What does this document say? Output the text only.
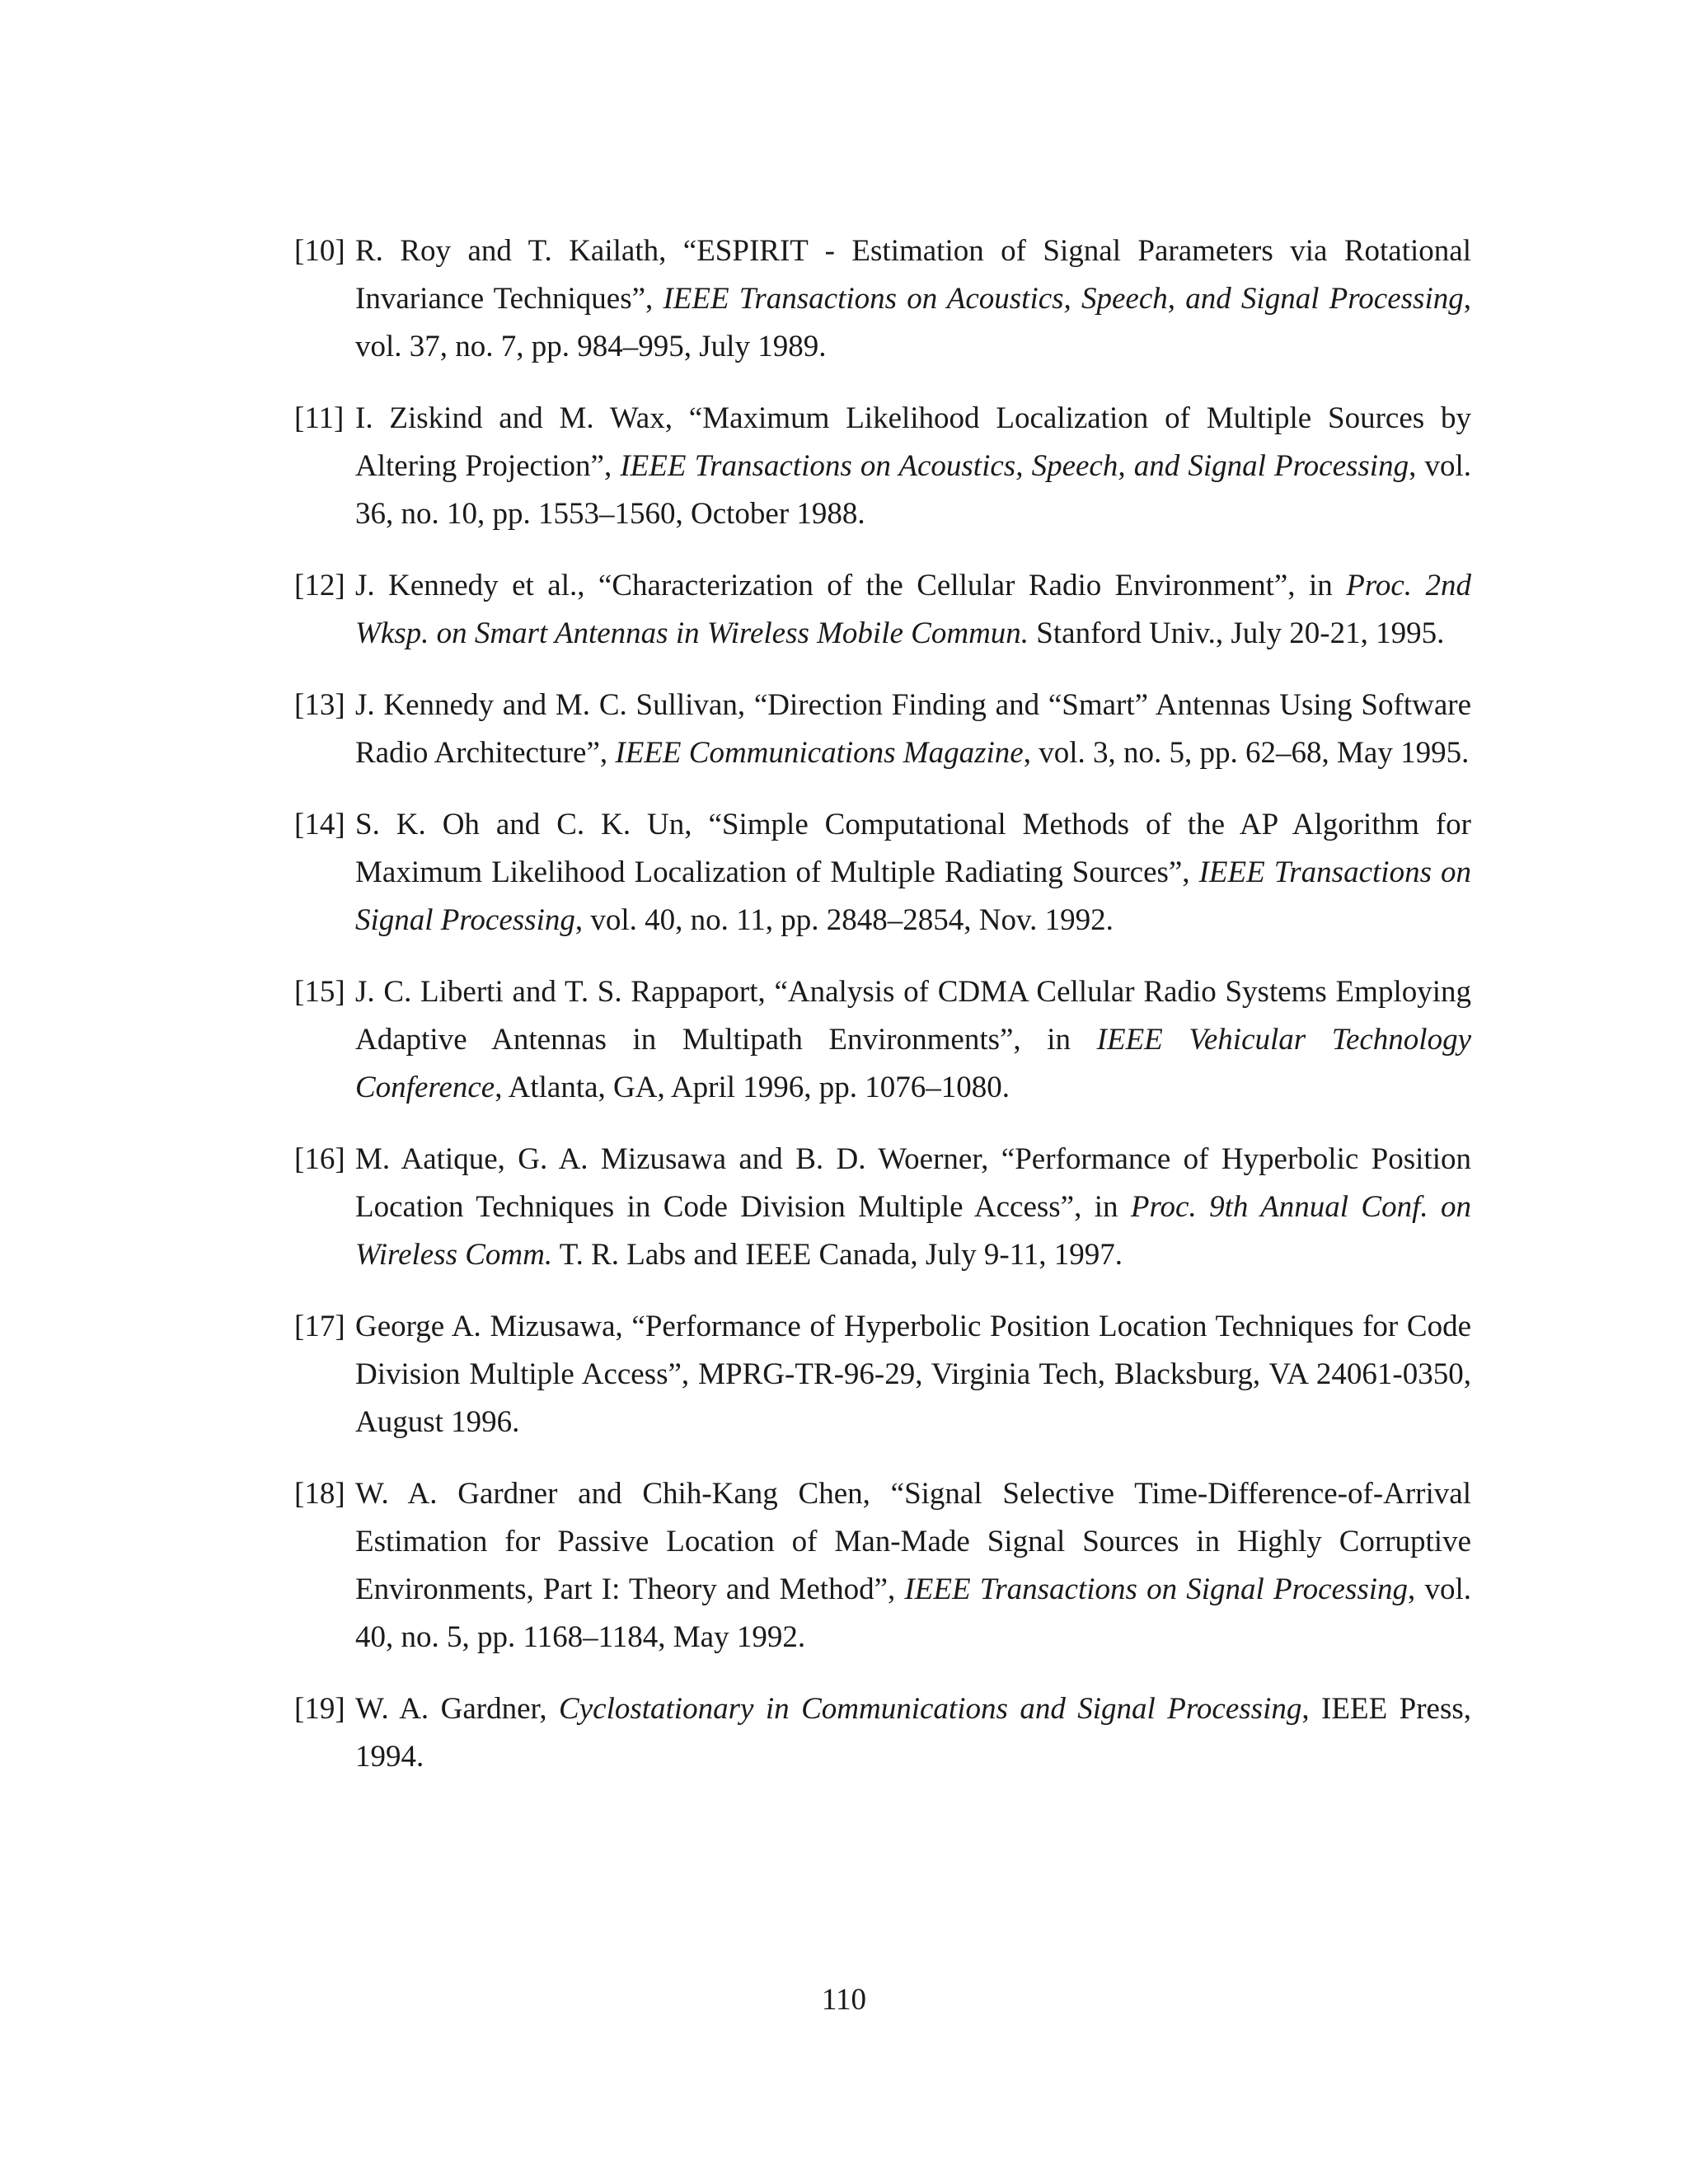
[10] R. Roy and T. Kailath, “ESPIRIT - Estimation of Signal Parameters via Rotational Invariance Techniques”, IEEE Transactions on Acoustics, Speech, and Signal Processing, vol. 37, no. 7, pp. 984–995, July 1989.
[11] I. Ziskind and M. Wax, “Maximum Likelihood Localization of Multiple Sources by Altering Projection”, IEEE Transactions on Acoustics, Speech, and Signal Processing, vol. 36, no. 10, pp. 1553–1560, October 1988.
[12] J. Kennedy et al., “Characterization of the Cellular Radio Environment”, in Proc. 2nd Wksp. on Smart Antennas in Wireless Mobile Commun. Stanford Univ., July 20-21, 1995.
[13] J. Kennedy and M. C. Sullivan, “Direction Finding and “Smart” Antennas Using Software Radio Architecture”, IEEE Communications Magazine, vol. 3, no. 5, pp. 62–68, May 1995.
[14] S. K. Oh and C. K. Un, “Simple Computational Methods of the AP Algorithm for Maximum Likelihood Localization of Multiple Radiating Sources”, IEEE Transactions on Signal Processing, vol. 40, no. 11, pp. 2848–2854, Nov. 1992.
[15] J. C. Liberti and T. S. Rappaport, “Analysis of CDMA Cellular Radio Systems Employing Adaptive Antennas in Multipath Environments”, in IEEE Vehicular Technology Conference, Atlanta, GA, April 1996, pp. 1076–1080.
[16] M. Aatique, G. A. Mizusawa and B. D. Woerner, “Performance of Hyperbolic Position Location Techniques in Code Division Multiple Access”, in Proc. 9th Annual Conf. on Wireless Comm. T. R. Labs and IEEE Canada, July 9-11, 1997.
[17] George A. Mizusawa, “Performance of Hyperbolic Position Location Techniques for Code Division Multiple Access”, MPRG-TR-96-29, Virginia Tech, Blacksburg, VA 24061-0350, August 1996.
[18] W. A. Gardner and Chih-Kang Chen, “Signal Selective Time-Difference-of-Arrival Estimation for Passive Location of Man-Made Signal Sources in Highly Corruptive Environments, Part I: Theory and Method”, IEEE Transactions on Signal Processing, vol. 40, no. 5, pp. 1168–1184, May 1992.
[19] W. A. Gardner, Cyclostationary in Communications and Signal Processing, IEEE Press, 1994.
110
